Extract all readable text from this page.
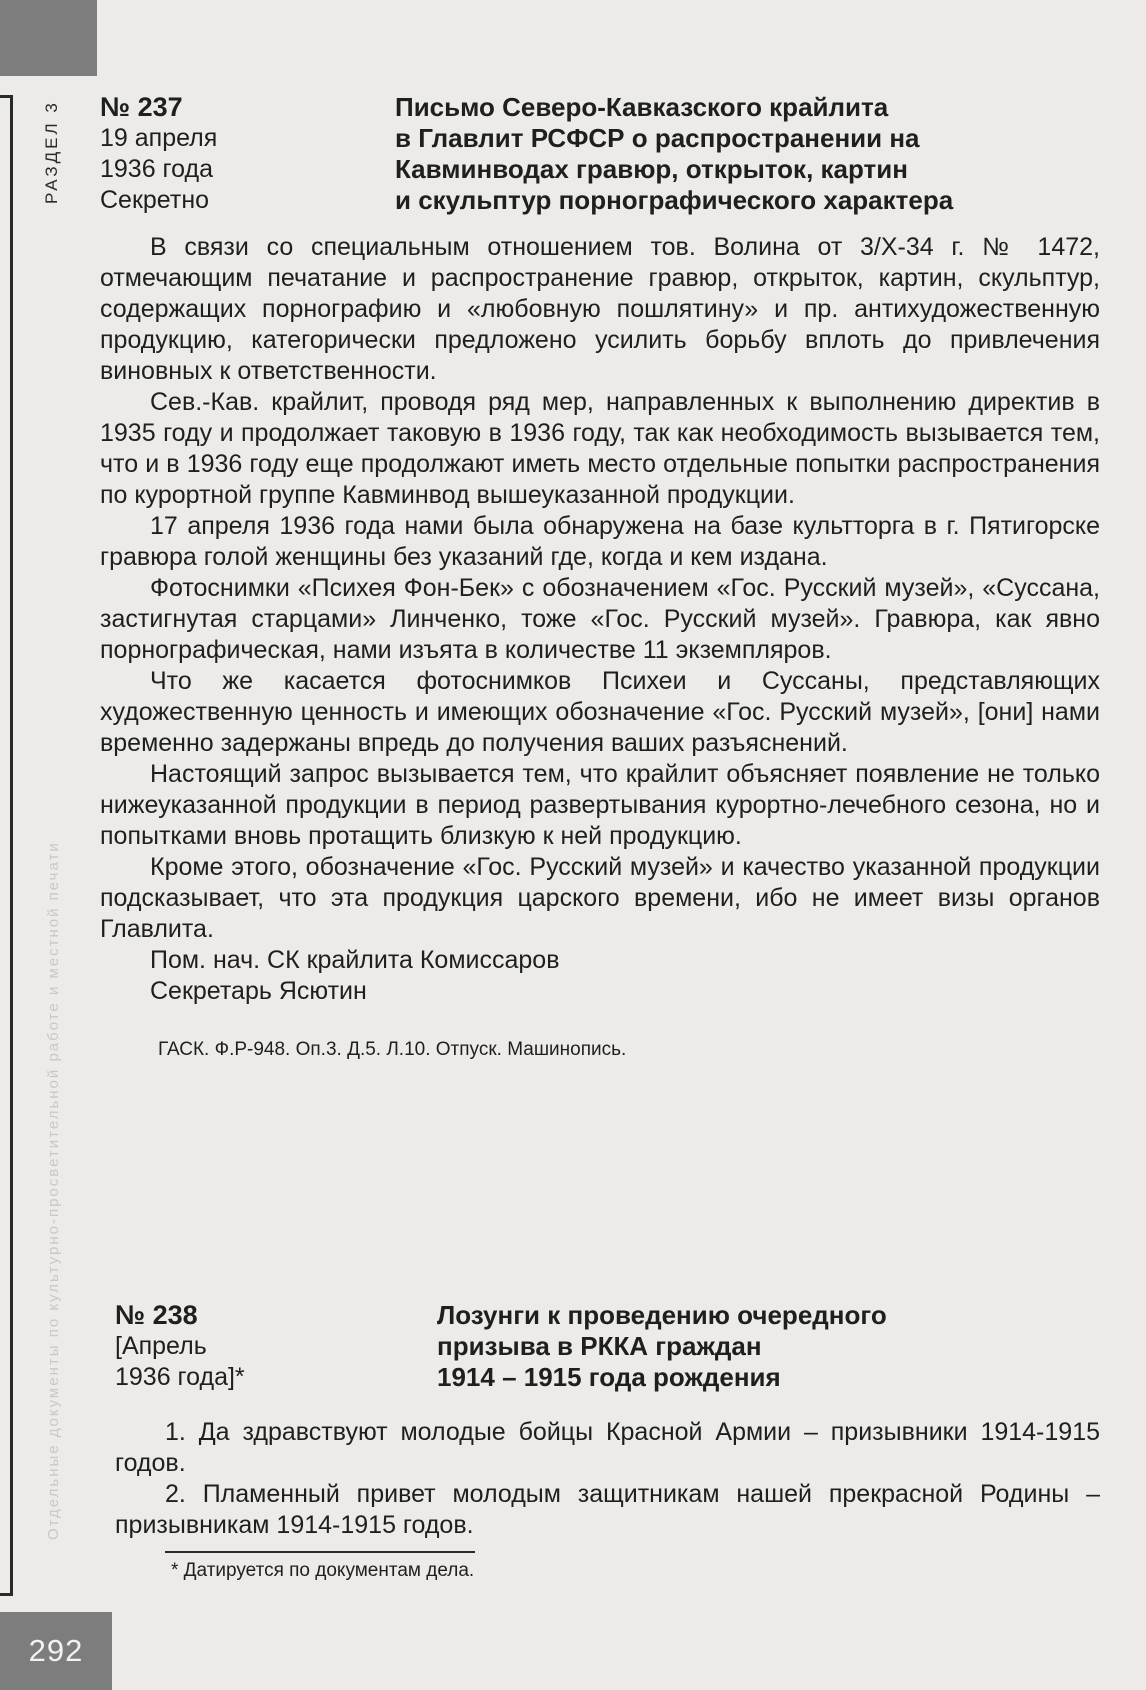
РАЗДЕЛ 3
Отдельные документы по культурно-просветительной работе и местной печати
292
№ 237
19 апреля
1936 года
Секретно
Письмо Северо-Кавказского крайлита
в Главлит РСФСР о распространении на
Кавминводах гравюр, открыток, картин
и скульптур порнографического характера

В связи со специальным отношением тов. Волина от 3/Х-34 г. № 1472, отмечающим печатание и распространение гравюр, открыток, картин, скульптур, содержащих порнографию и «любовную пошлятину» и пр. антихудожественную продукцию, категорически предложено усилить борьбу вплоть до привлечения виновных к ответственности.

Сев.-Кав. крайлит, проводя ряд мер, направленных к выполнению директив в 1935 году и продолжает таковую в 1936 году, так как необходимость вызывается тем, что и в 1936 году еще продолжают иметь место отдельные попытки распространения по курортной группе Кавминвод вышеуказанной продукции.

17 апреля 1936 года нами была обнаружена на базе культторга в г. Пятигорске гравюра голой женщины без указаний где, когда и кем издана.

Фотоснимки «Психея Фон-Бек» с обозначением «Гос. Русский музей», «Суссана, застигнутая старцами» Линченко, тоже «Гос. Русский музей». Гравюра, как явно порнографическая, нами изъята в количестве 11 экземпляров.

Что же касается фотоснимков Психеи и Суссаны, представляющих художественную ценность и имеющих обозначение «Гос. Русский музей», [они] нами временно задержаны впредь до получения ваших разъяснений.

Настоящий запрос вызывается тем, что крайлит объясняет появление не только нижеуказанной продукции в период развертывания курортно-лечебного сезона, но и попытками вновь протащить близкую к ней продукцию.

Кроме этого, обозначение «Гос. Русский музей» и качество указанной продукции подсказывает, что эта продукция царского времени, ибо не имеет визы органов Главлита.

Пом. нач. СК крайлита Комиссаров
Секретарь Ясютин
ГАСК. Ф.Р-948. Оп.3. Д.5. Л.10. Отпуск. Машинопись.
№ 238
[Апрель
1936 года]*
Лозунги к проведению очередного
призыва в РККА граждан
1914 – 1915 года рождения

1. Да здравствуют молодые бойцы Красной Армии – призывники 1914-1915 годов.

2. Пламенный привет молодым защитникам нашей прекрасной Родины – призывникам 1914-1915 годов.

* Датируется по документам дела.
